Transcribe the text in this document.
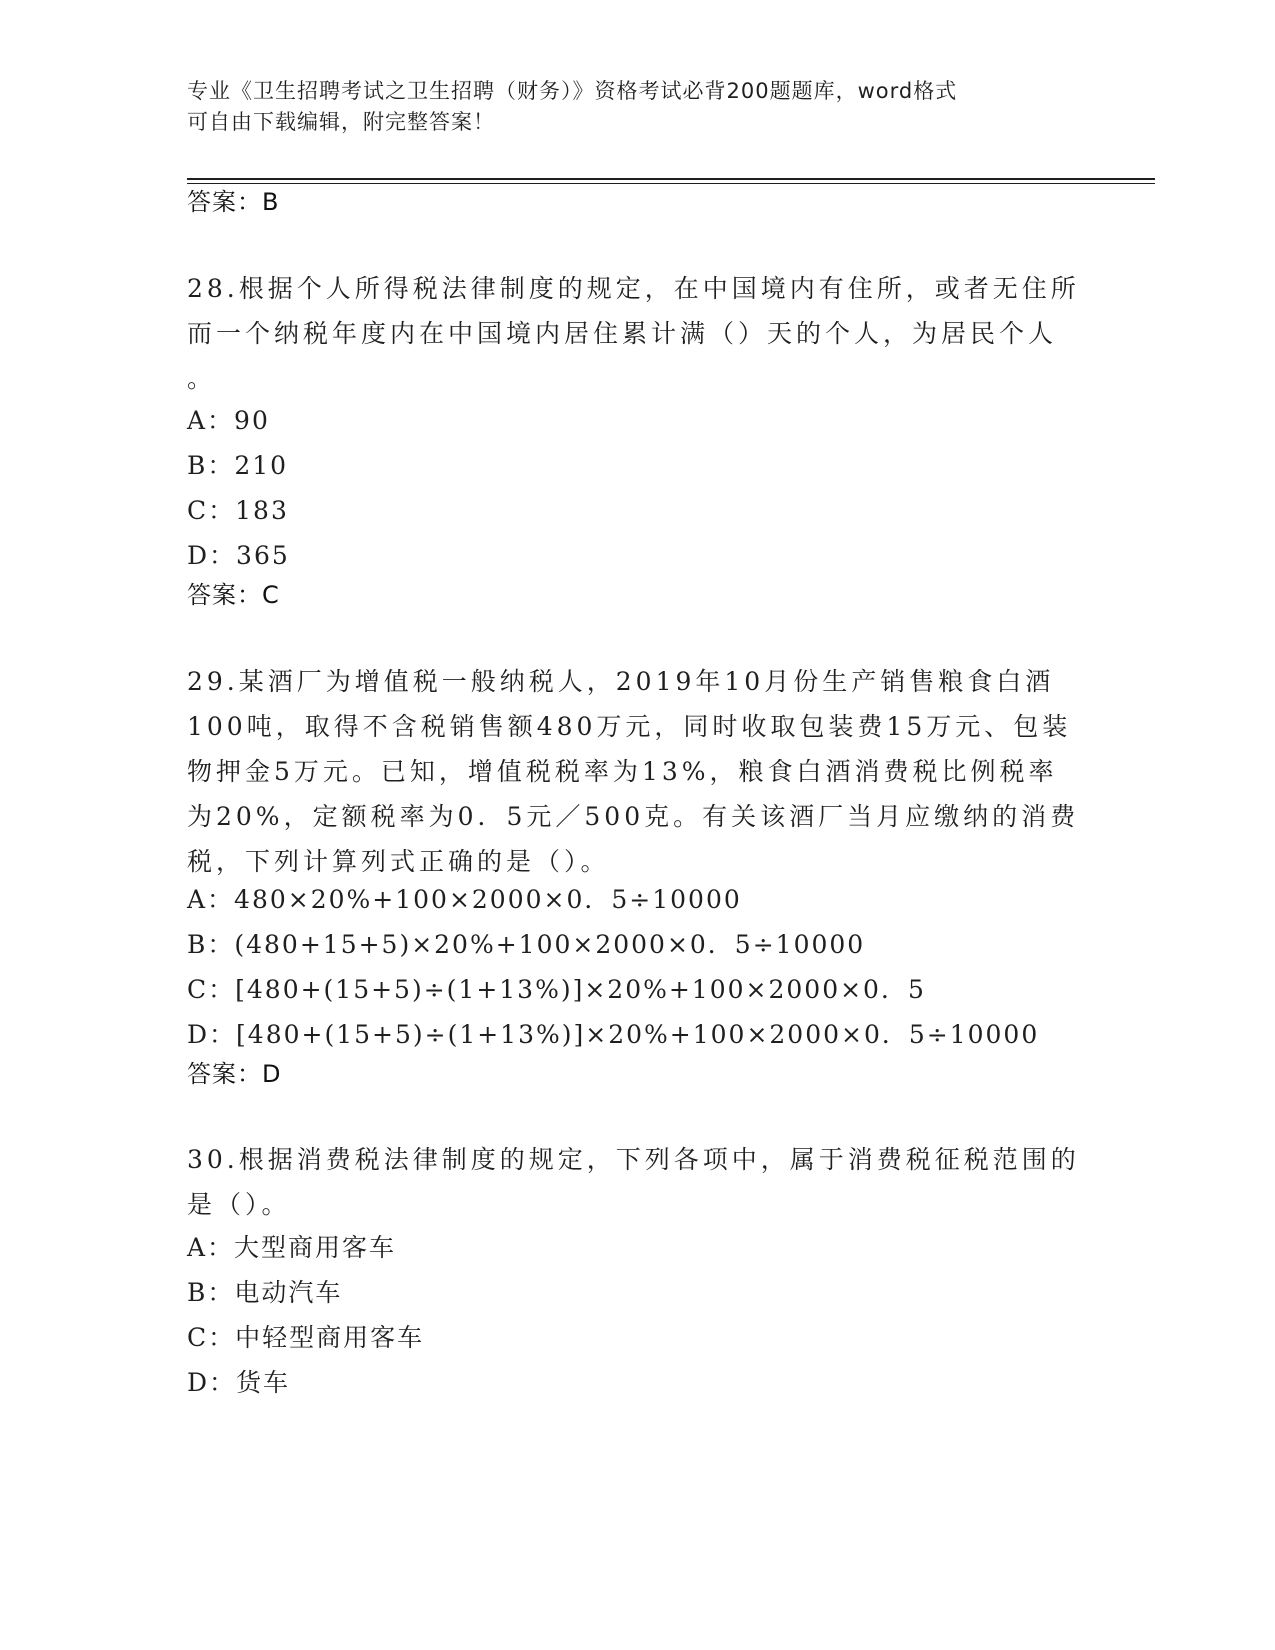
专业《卫生招聘考试之卫生招聘（财务）》资格考试必背200题题库，word格式
可自由下载编辑，附完整答案！
答案：B
28.根据个人所得税法律制度的规定，在中国境内有住所，或者无住所
而一个纳税年度内在中国境内居住累计满（）天的个人，为居民个人
。
A：90
B：210
C：183
D：365
答案：C
29.某酒厂为增值税一般纳税人，2019年10月份生产销售粮食白酒
100吨，取得不含税销售额480万元，同时收取包装费15万元、包装
物押金5万元。已知，增值税税率为13%，粮食白酒消费税比例税率
为20%，定额税率为0．5元／500克。有关该酒厂当月应缴纳的消费
税，下列计算列式正确的是（）。
A：480×20%+100×2000×0．5÷10000
B：(480+15+5)×20%+100×2000×0．5÷10000
C：[480+(15+5)÷(1+13%)]×20%+100×2000×0．5
D：[480+(15+5)÷(1+13%)]×20%+100×2000×0．5÷10000
答案：D
30.根据消费税法律制度的规定，下列各项中，属于消费税征税范围的
是（）。
A：大型商用客车
B：电动汽车
C：中轻型商用客车
D：货车
